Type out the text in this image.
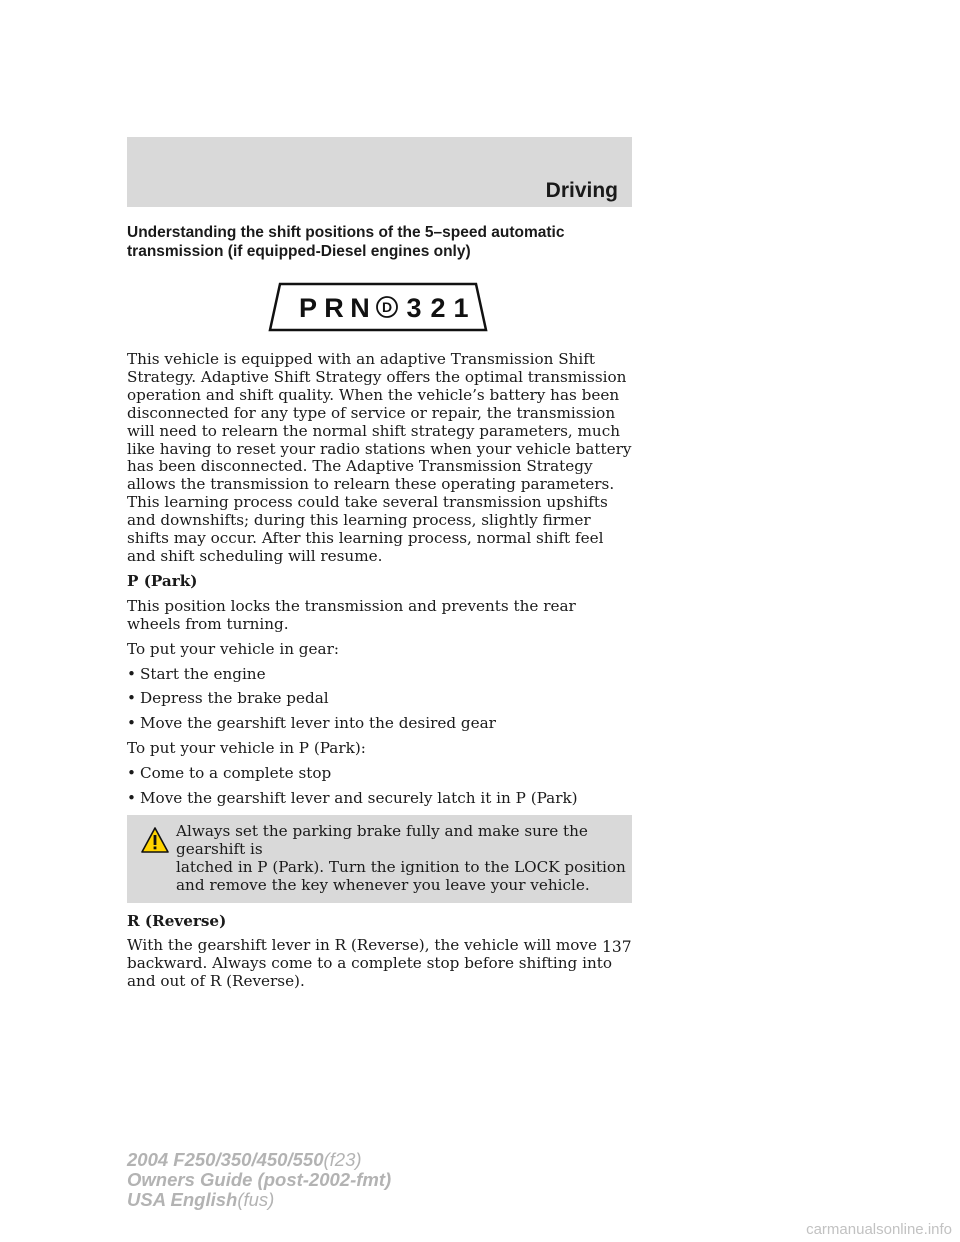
Driving
Understanding the shift positions of the 5–speed automatic transmission (if equipped-Diesel engines only)
P R N D 3 2 1

This vehicle is equipped with an adaptive Transmission Shift Strategy. Adaptive Shift Strategy offers the optimal transmission operation and shift quality. When the vehicle’s battery has been disconnected for any type of service or repair, the transmission will need to relearn the normal shift strategy parameters, much like having to reset your radio stations when your vehicle battery has been disconnected. The Adaptive Transmission Strategy allows the transmission to relearn these operating parameters. This learning process could take several transmission upshifts and downshifts; during this learning process, slightly firmer shifts may occur. After this learning process, normal shift feel and shift scheduling will resume.

P (Park)

This position locks the transmission and prevents the rear wheels from turning.

To put your vehicle in gear:

• Start the engine
• Depress the brake pedal
• Move the gearshift lever into the desired gear

To put your vehicle in P (Park):

• Come to a complete stop
• Move the gearshift lever and securely latch it in P (Park)
Always set the parking brake fully and make sure the gearshift is
latched in P (Park). Turn the ignition to the LOCK position and remove the key whenever you leave your vehicle.

R (Reverse)

With the gearshift lever in R (Reverse), the vehicle will move backward. Always come to a complete stop before shifting into and out of R (Reverse).

137
2004 F250/350/450/550(f23)
Owners Guide (post-2002-fmt)
USA English(fus)
carmanualsonline.info
